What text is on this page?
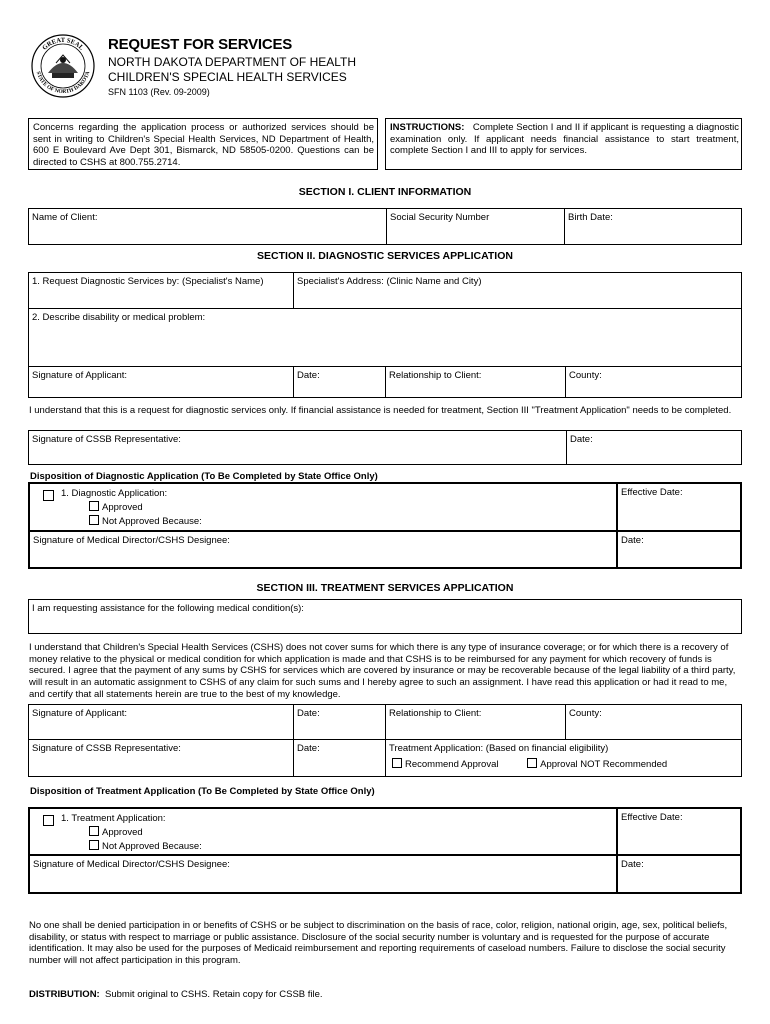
GREAT SEAL
STATE OF NORTH DAKOTA
REQUEST FOR SERVICES
NORTH DAKOTA DEPARTMENT OF HEALTH
CHILDREN'S SPECIAL HEALTH SERVICES
SFN 1103 (Rev. 09-2009)
Concerns regarding the application process or authorized services should be sent in writing to Children's Special Health Services, ND Department of Health, 600 E Boulevard Ave Dept 301, Bismarck, ND 58505-0200. Questions can be directed to CSHS at 800.755.2714.
INSTRUCTIONS: Complete Section I and II if applicant is requesting a diagnostic examination only. If applicant needs financial assistance to start treatment, complete Section I and III to apply for services.
SECTION I. CLIENT INFORMATION
Name of Client:	Social Security Number	Birth Date:
SECTION II. DIAGNOSTIC SERVICES APPLICATION
1. Request Diagnostic Services by: (Specialist's Name)	Specialist's Address: (Clinic Name and City)
2. Describe disability or medical problem:
Signature of Applicant:	Date:	Relationship to Client:	County:
I understand that this is a request for diagnostic services only. If financial assistance is needed for treatment, Section III "Treatment Application" needs to be completed.
Signature of CSSB Representative:	Date:
Disposition of Diagnostic Application (To Be Completed by State Office Only)
1. Diagnostic Application:
Approved
Not Approved Because:
Effective Date:
Signature of Medical Director/CSHS Designee:	Date:
SECTION III. TREATMENT SERVICES APPLICATION
I am requesting assistance for the following medical condition(s):
I understand that Children's Special Health Services (CSHS) does not cover sums for which there is any type of insurance coverage; or for which there is a recovery of money relative to the physical or medical condition for which application is made and that CSHS is to be reimbursed for any payment for which recovery of funds is secured. I agree that the payment of any sums by CSHS for services which are covered by insurance or may be recoverable because of the legal liability of a third party, will result in an automatic assignment to CSHS of any claim for such sums and I hereby agree to such an assignment. I have read this application or had it read to me, and certify that all statements herein are true to the best of my knowledge.
Signature of Applicant:	Date:	Relationship to Client:	County:
Signature of CSSB Representative:	Date:	Treatment Application: (Based on financial eligibility)
Recommend Approval	Approval NOT Recommended
Disposition of Treatment Application (To Be Completed by State Office Only)
1. Treatment Application:
Approved
Not Approved Because:
Effective Date:
Signature of Medical Director/CSHS Designee:	Date:
No one shall be denied participation in or benefits of CSHS or be subject to discrimination on the basis of race, color, religion, national origin, age, sex, political beliefs, disability, or status with respect to marriage or public assistance. Disclosure of the social security number is voluntary and is requested for the purpose of accurate identification. It may also be used for the purposes of Medicaid reimbursement and reporting requirements of caseload numbers. Failure to disclose the social security number will not affect participation in this program.
DISTRIBUTION: Submit original to CSHS. Retain copy for CSSB file.
